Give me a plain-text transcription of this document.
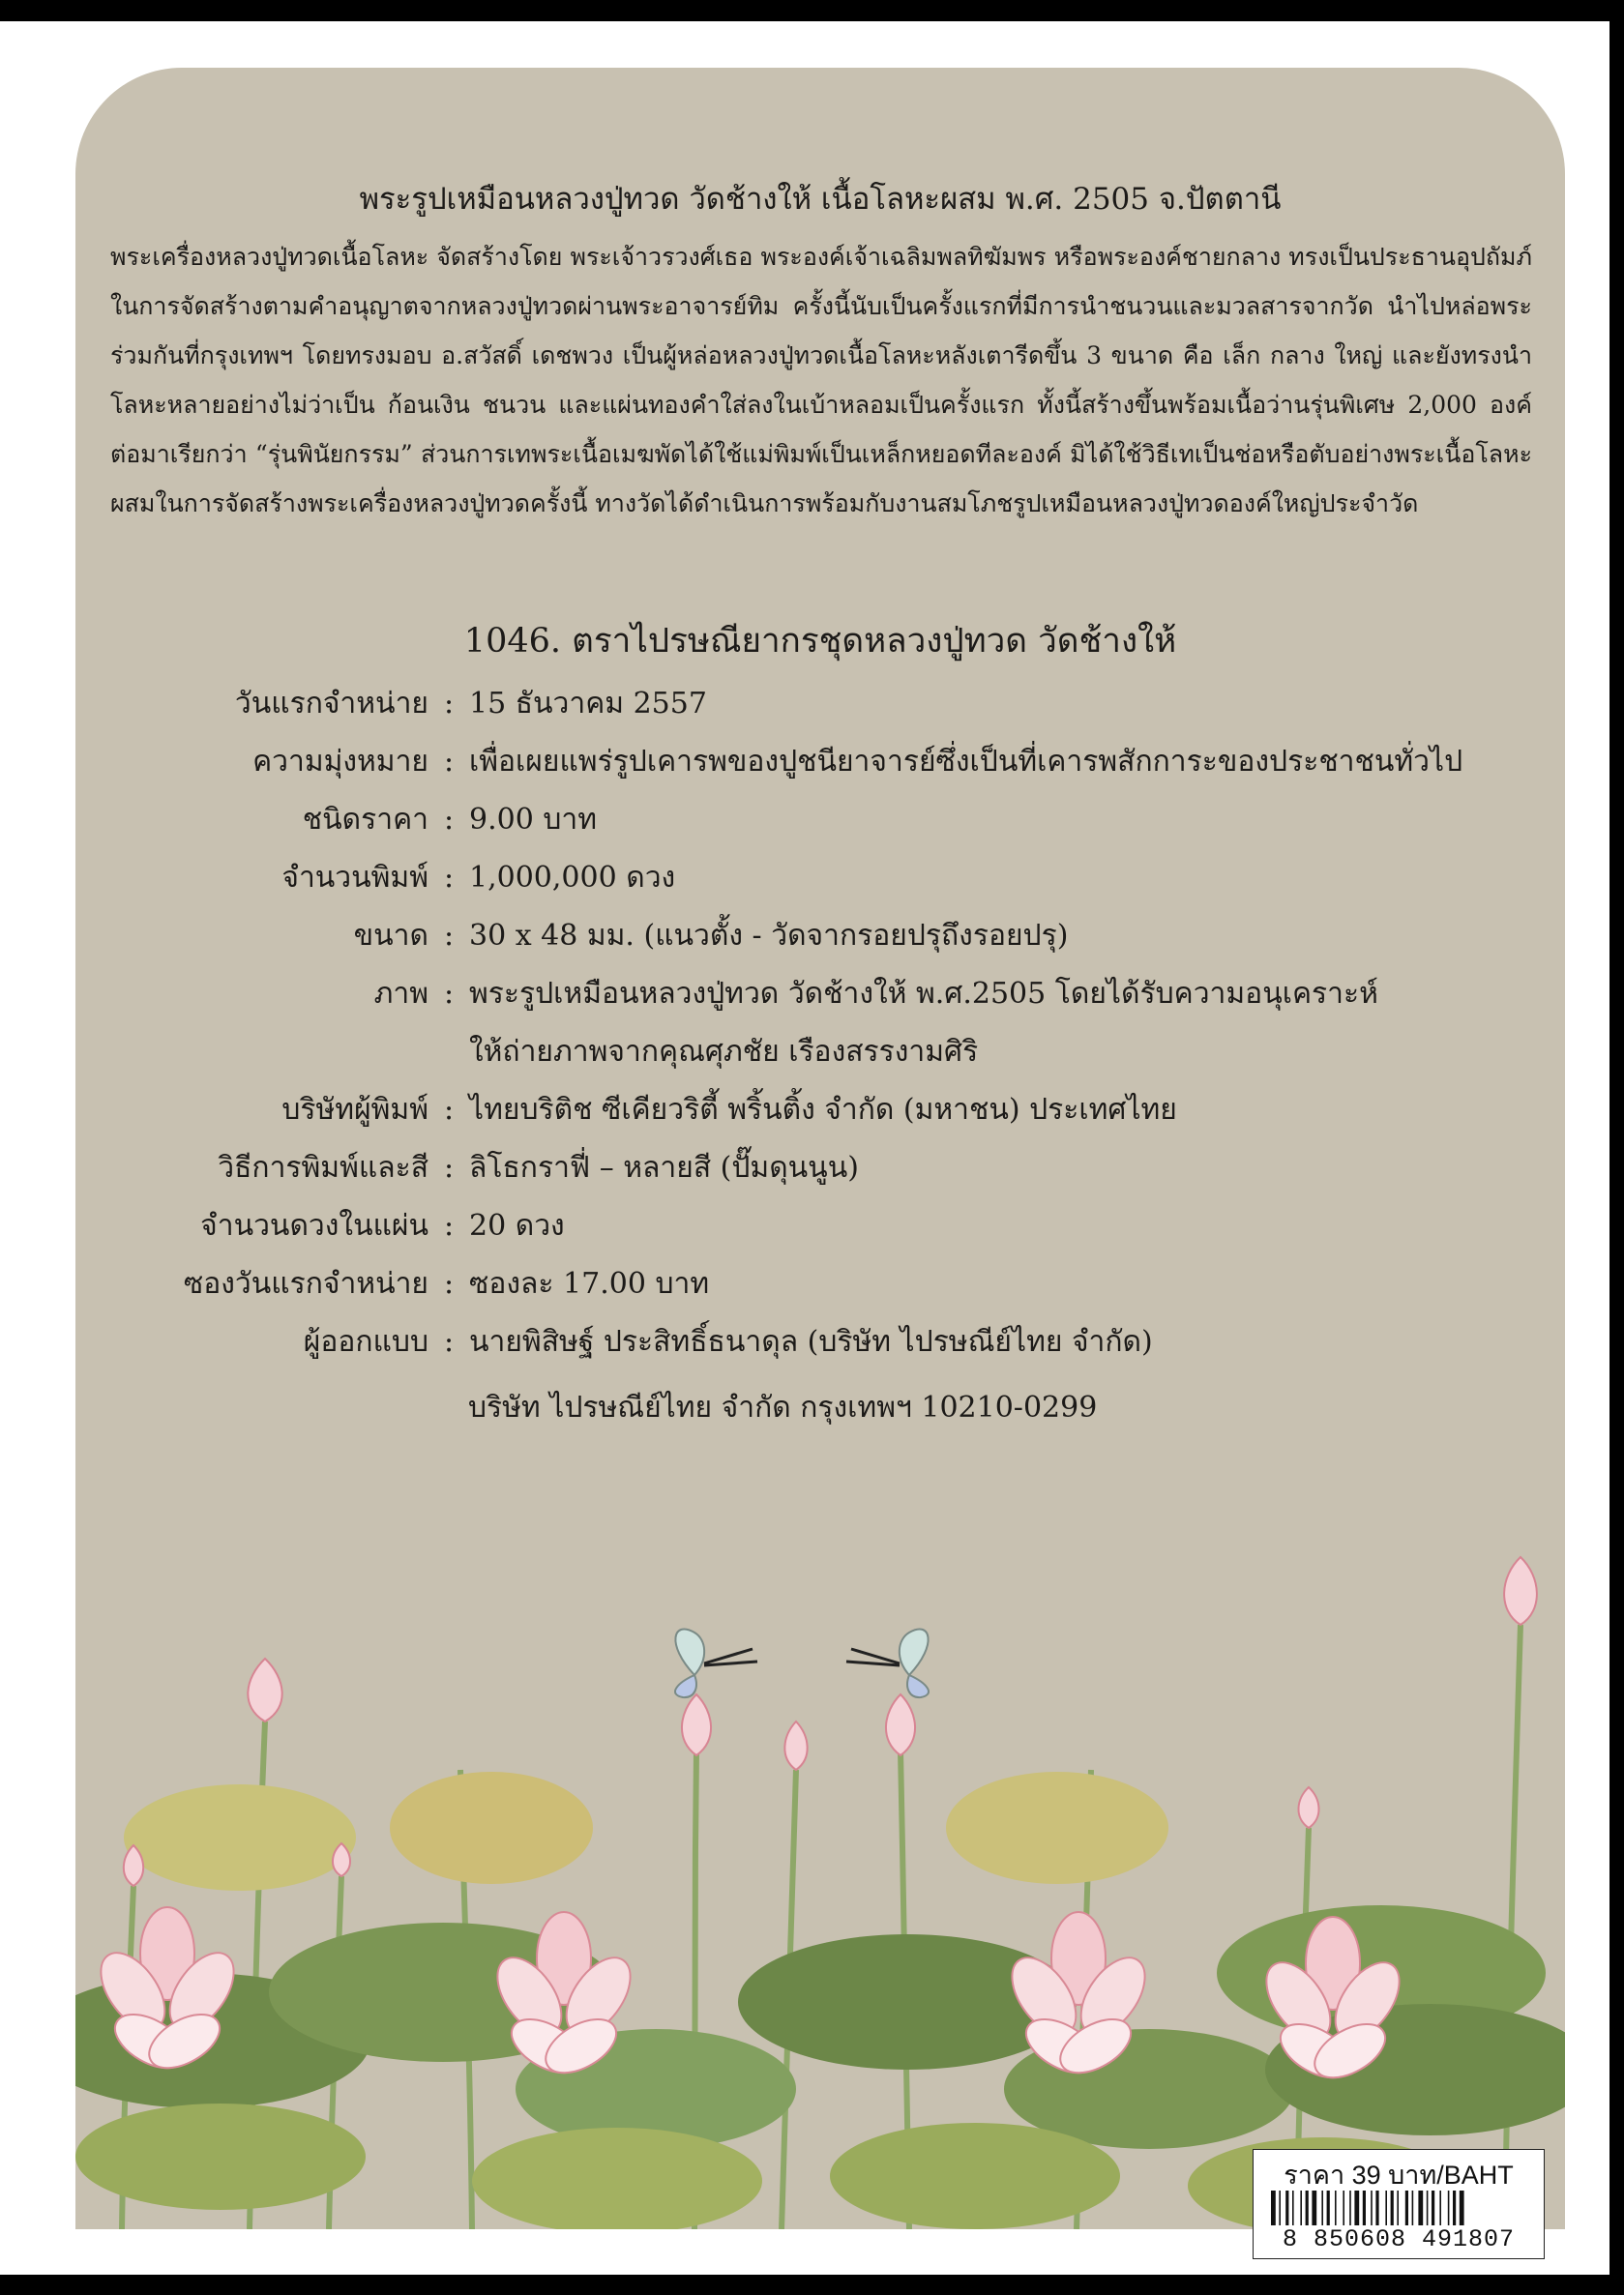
พระรูปเหมือนหลวงปู่ทวด วัดช้างให้ เนื้อโลหะผสม พ.ศ. 2505 จ.ปัตตานี
พระเครื่องหลวงปู่ทวดเนื้อโลหะ จัดสร้างโดย พระเจ้าวรวงศ์เธอ พระองค์เจ้าเฉลิมพลทิฆัมพร หรือพระองค์ชายกลาง ทรงเป็นประธานอุปถัมภ์
ในการจัดสร้างตามคำอนุญาตจากหลวงปู่ทวดผ่านพระอาจารย์ทิม ครั้งนี้นับเป็นครั้งแรกที่มีการนำชนวนและมวลสารจากวัด นำไปหล่อพระ
ร่วมกันที่กรุงเทพฯ โดยทรงมอบ อ.สวัสดิ์ เดชพวง เป็นผู้หล่อหลวงปู่ทวดเนื้อโลหะหลังเตารีดขึ้น 3 ขนาด คือ เล็ก กลาง ใหญ่ และยังทรงนำ
โลหะหลายอย่างไม่ว่าเป็น ก้อนเงิน ชนวน และแผ่นทองคำใส่ลงในเบ้าหลอมเป็นครั้งแรก ทั้งนี้สร้างขึ้นพร้อมเนื้อว่านรุ่นพิเศษ 2,000 องค์
ต่อมาเรียกว่า “รุ่นพินัยกรรม” ส่วนการเทพระเนื้อเมฆพัดได้ใช้แม่พิมพ์เป็นเหล็กหยอดทีละองค์ มิได้ใช้วิธีเทเป็นช่อหรือตับอย่างพระเนื้อโลหะ
ผสมในการจัดสร้างพระเครื่องหลวงปู่ทวดครั้งนี้ ทางวัดได้ดำเนินการพร้อมกับงานสมโภชรูปเหมือนหลวงปู่ทวดองค์ใหญ่ประจำวัด
1046. ตราไปรษณียากรชุดหลวงปู่ทวด วัดช้างให้
วันแรกจำหน่าย : 15 ธันวาคม 2557
ความมุ่งหมาย : เพื่อเผยแพร่รูปเคารพของปูชนียาจารย์ซึ่งเป็นที่เคารพสักการะของประชาชนทั่วไป
ชนิดราคา : 9.00 บาท
จำนวนพิมพ์ : 1,000,000 ดวง
ขนาด : 30 x 48 มม. (แนวตั้ง - วัดจากรอยปรุถึงรอยปรุ)
ภาพ : พระรูปเหมือนหลวงปู่ทวด วัดช้างให้ พ.ศ.2505 โดยได้รับความอนุเคราะห์
ให้ถ่ายภาพจากคุณศุภชัย เรืองสรรงามศิริ
บริษัทผู้พิมพ์ : ไทยบริติช ซีเคียวริตี้ พริ้นติ้ง จำกัด (มหาชน) ประเทศไทย
วิธีการพิมพ์และสี : ลิโธกราฟี่ – หลายสี (ปั๊มดุนนูน)
จำนวนดวงในแผ่น : 20 ดวง
ซองวันแรกจำหน่าย : ซองละ 17.00 บาท
ผู้ออกแบบ : นายพิสิษฐ์ ประสิทธิ์ธนาดุล (บริษัท ไปรษณีย์ไทย จำกัด)
บริษัท ไปรษณีย์ไทย จำกัด กรุงเทพฯ 10210-0299
ราคา 39 บาท/BAHT
8 850608 491807
